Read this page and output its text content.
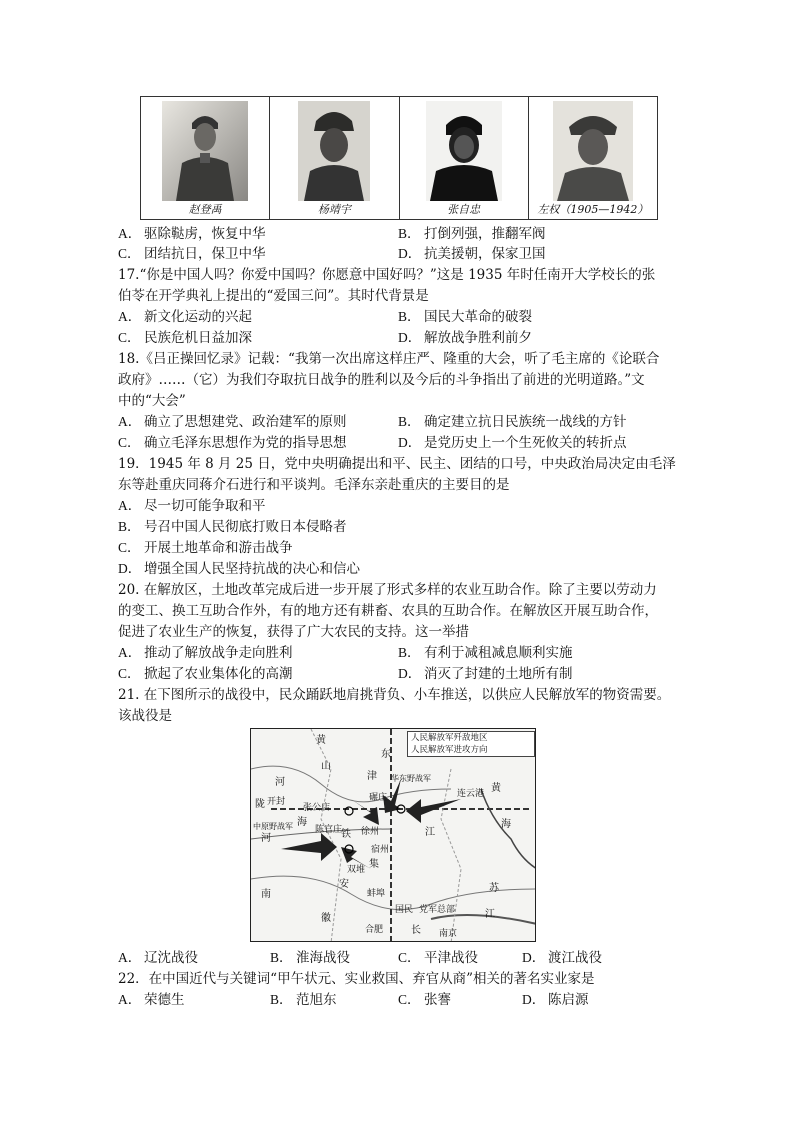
赵登禹	杨靖宇	张自忠	左权（1905—1942）
A． 驱除鞑虏，恢复中华	B． 打倒列强，推翻军阀
C． 团结抗日，保卫中华	D． 抗美援朝，保家卫国
17.“你是中国人吗？你爱中国吗？你愿意中国好吗？”这是 1935 年时任南开大学校长的张
伯苓在开学典礼上提出的“爱国三问”。其时代背景是
A． 新文化运动的兴起	B． 国民大革命的破裂
C． 民族危机日益加深	D． 解放战争胜利前夕
18.《吕正操回忆录》记载：“我第一次出席这样庄严、隆重的大会，听了毛主席的《论联合
政府》……（它）为我们夺取抗日战争的胜利以及今后的斗争指出了前进的光明道路。”文
中的“大会”
A． 确立了思想建党、政治建军的原则	B． 确定建立抗日民族统一战线的方针
C． 确立毛泽东思想作为党的指导思想	D． 是党历史上一个生死攸关的转折点
19．1945 年 8 月 25 日，党中央明确提出和平、民主、团结的口号，中央政治局决定由毛泽
东等赴重庆同蒋介石进行和平谈判。毛泽东亲赴重庆的主要目的是
A． 尽一切可能争取和平
B． 号召中国人民彻底打败日本侵略者
C． 开展土地革命和游击战争
D． 增强全国人民坚持抗战的决心和信心
20. 在解放区，土地改革完成后进一步开展了形式多样的农业互助合作。除了主要以劳动力
的变工、换工互助合作外，有的地方还有耕畜、农具的互助合作。在解放区开展互助合作，
促进了农业生产的恢复，获得了广大农民的支持。这一举措
A． 推动了解放战争走向胜利	B． 有利于减租减息顺利实施
C． 掀起了农业集体化的高潮	D． 消灭了封建的土地所有制
21. 在下图所示的战役中，民众踊跃地肩挑背负、小车推送，以供应人民解放军的物资需要。
该战役是
人民解放军歼敌地区
人民解放军进攻方向
黄
山
东
津
河	华东野战军
连云港
陇 开封
张公店
海
碾庄
黄
中原野战军 陈官庄 徐州	江
海
河
宿州
铁
双堆 集
南
安
蚌埠	苏
国民 党军总部
徽
合肥	长 南京
江
A． 辽沈战役	B． 淮海战役	C． 平津战役	D． 渡江战役
22．在中国近代与关键词“甲午状元、实业救国、弃官从商”相关的著名实业家是
A． 荣德生	B． 范旭东	C． 张謇	D． 陈启源
